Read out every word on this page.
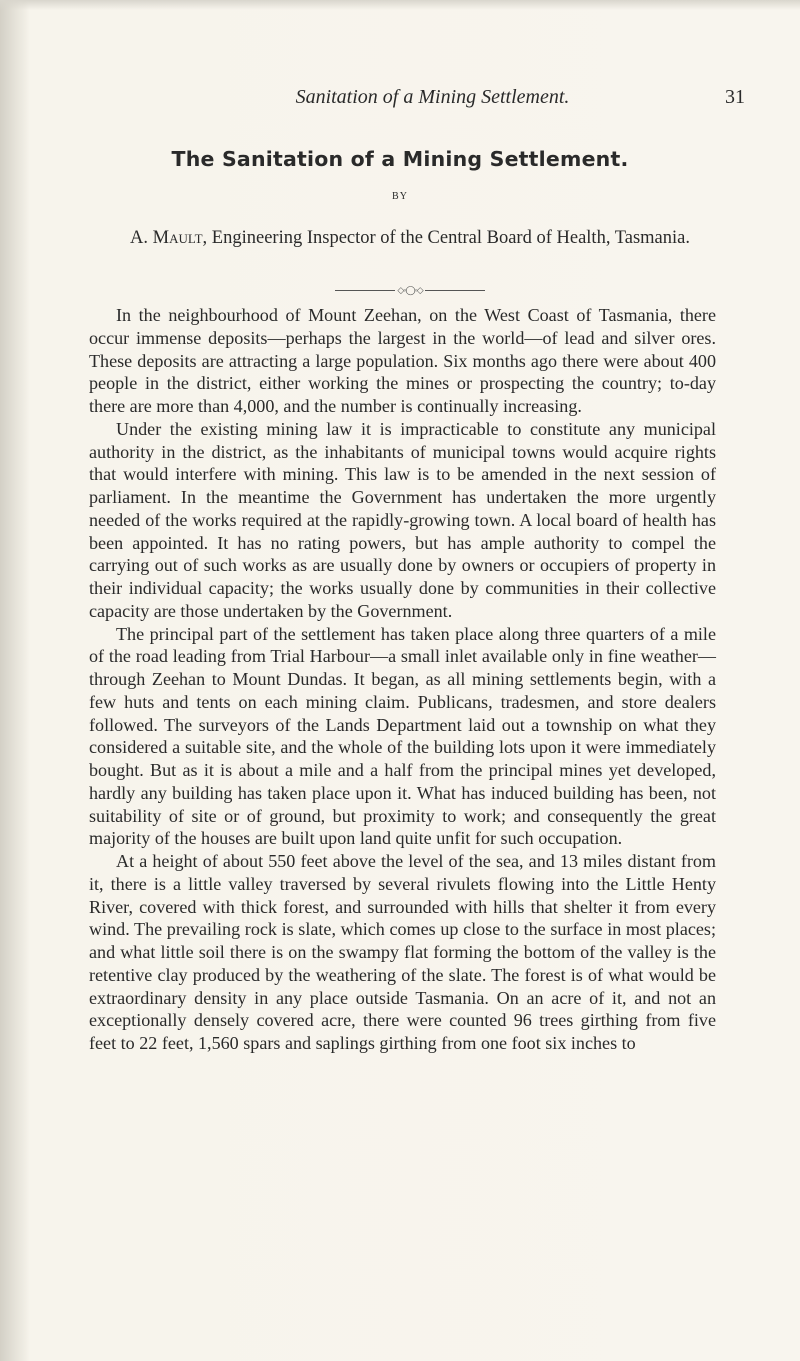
Sanitation of a Mining Settlement.	31
The Sanitation of a Mining Settlement.
BY
A. Mault, Engineering Inspector of the Central Board of Health, Tasmania.
◇◦◯◦◇

In the neighbourhood of Mount Zeehan, on the West Coast of Tasmania, there occur immense deposits—perhaps the largest in the world—of lead and silver ores. These deposits are attracting a large population. Six months ago there were about 400 people in the district, either working the mines or prospecting the country; to-day there are more than 4,000, and the number is continually increasing.

Under the existing mining law it is impracticable to constitute any municipal authority in the district, as the inhabitants of municipal towns would acquire rights that would interfere with mining. This law is to be amended in the next session of parliament. In the meantime the Government has undertaken the more urgently needed of the works required at the rapidly-growing town. A local board of health has been appointed. It has no rating powers, but has ample authority to compel the carrying out of such works as are usually done by owners or occupiers of property in their individual capacity; the works usually done by communities in their collective capacity are those undertaken by the Government.

The principal part of the settlement has taken place along three quarters of a mile of the road leading from Trial Harbour—a small inlet available only in fine weather—through Zeehan to Mount Dundas. It began, as all mining settlements begin, with a few huts and tents on each mining claim. Publicans, tradesmen, and store dealers followed. The surveyors of the Lands Department laid out a township on what they considered a suitable site, and the whole of the building lots upon it were immediately bought. But as it is about a mile and a half from the principal mines yet developed, hardly any building has taken place upon it. What has induced building has been, not suitability of site or of ground, but proximity to work; and consequently the great majority of the houses are built upon land quite unfit for such occupation.

At a height of about 550 feet above the level of the sea, and 13 miles distant from it, there is a little valley traversed by several rivulets flowing into the Little Henty River, covered with thick forest, and surrounded with hills that shelter it from every wind. The prevailing rock is slate, which comes up close to the surface in most places; and what little soil there is on the swampy flat forming the bottom of the valley is the retentive clay produced by the weathering of the slate. The forest is of what would be extraordinary density in any place outside Tasmania. On an acre of it, and not an exceptionally densely covered acre, there were counted 96 trees girthing from five feet to 22 feet, 1,560 spars and saplings girthing from one foot six inches to
